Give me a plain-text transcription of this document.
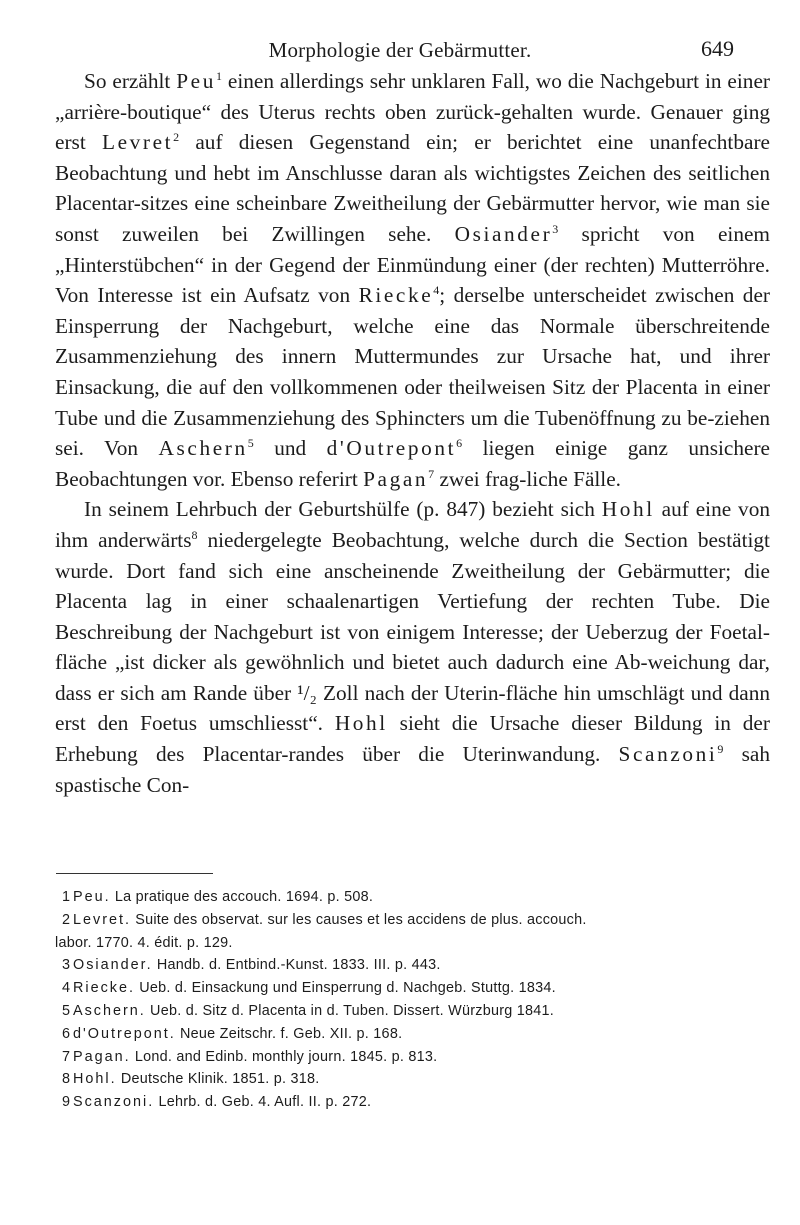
Morphologie der Gebärmutter.	649

So erzählt Peu$^1$ einen allerdings sehr unklaren Fall, wo die Nachgeburt in einer „arrière-boutique“ des Uterus rechts oben zurück-gehalten wurde. Genauer ging erst Levret$^2$ auf diesen Gegenstand ein; er berichtet eine unanfechtbare Beobachtung und hebt im Anschlusse daran als wichtigstes Zeichen des seitlichen Placentar-sitzes eine scheinbare Zweitheilung der Gebärmutter hervor, wie man sie sonst zuweilen bei Zwillingen sehe. Osiander$^3$ spricht von einem „Hinterstübchen“ in der Gegend der Einmündung einer (der rechten) Mutterröhre. Von Interesse ist ein Aufsatz von Riecke$^4$; derselbe unterscheidet zwischen der Einsperrung der Nachgeburt, welche eine das Normale überschreitende Zusammenziehung des innern Muttermundes zur Ursache hat, und ihrer Einsackung, die auf den vollkommenen oder theilweisen Sitz der Placenta in einer Tube und die Zusammenziehung des Sphincters um die Tubenöffnung zu be-ziehen sei. Von Aschern$^5$ und d'Outrepont$^6$ liegen einige ganz unsichere Beobachtungen vor. Ebenso referirt Pagan$^7$ zwei frag-liche Fälle.

In seinem Lehrbuch der Geburtshülfe (p. 847) bezieht sich Hohl auf eine von ihm anderwärts$^8$ niedergelegte Beobachtung, welche durch die Section bestätigt wurde. Dort fand sich eine anscheinende Zweitheilung der Gebärmutter; die Placenta lag in einer schaalenartigen Vertiefung der rechten Tube. Die Beschreibung der Nachgeburt ist von einigem Interesse; der Ueberzug der Foetal-fläche „ist dicker als gewöhnlich und bietet auch dadurch eine Ab-weichung dar, dass er sich am Rande über ¹/₂ Zoll nach der Uterin-fläche hin umschlägt und dann erst den Foetus umschliesst“. Hohl sieht die Ursache dieser Bildung in der Erhebung des Placentar-randes über die Uterinwandung. Scanzoni$^9$ sah spastische Con-

1 Peu. La pratique des accouch. 1694. p. 508.

2 Levret. Suite des observat. sur les causes et les accidens de plus. accouch.
labor. 1770. 4. édit. p. 129.

3 Osiander. Handb. d. Entbind.-Kunst. 1833. III. p. 443.

4 Riecke. Ueb. d. Einsackung und Einsperrung d. Nachgeb. Stuttg. 1834.

5 Aschern. Ueb. d. Sitz d. Placenta in d. Tuben. Dissert. Würzburg 1841.

6 d'Outrepont. Neue Zeitschr. f. Geb. XII. p. 168.

7 Pagan. Lond. and Edinb. monthly journ. 1845. p. 813.

8 Hohl. Deutsche Klinik. 1851. p. 318.

9 Scanzoni. Lehrb. d. Geb. 4. Aufl. II. p. 272.
